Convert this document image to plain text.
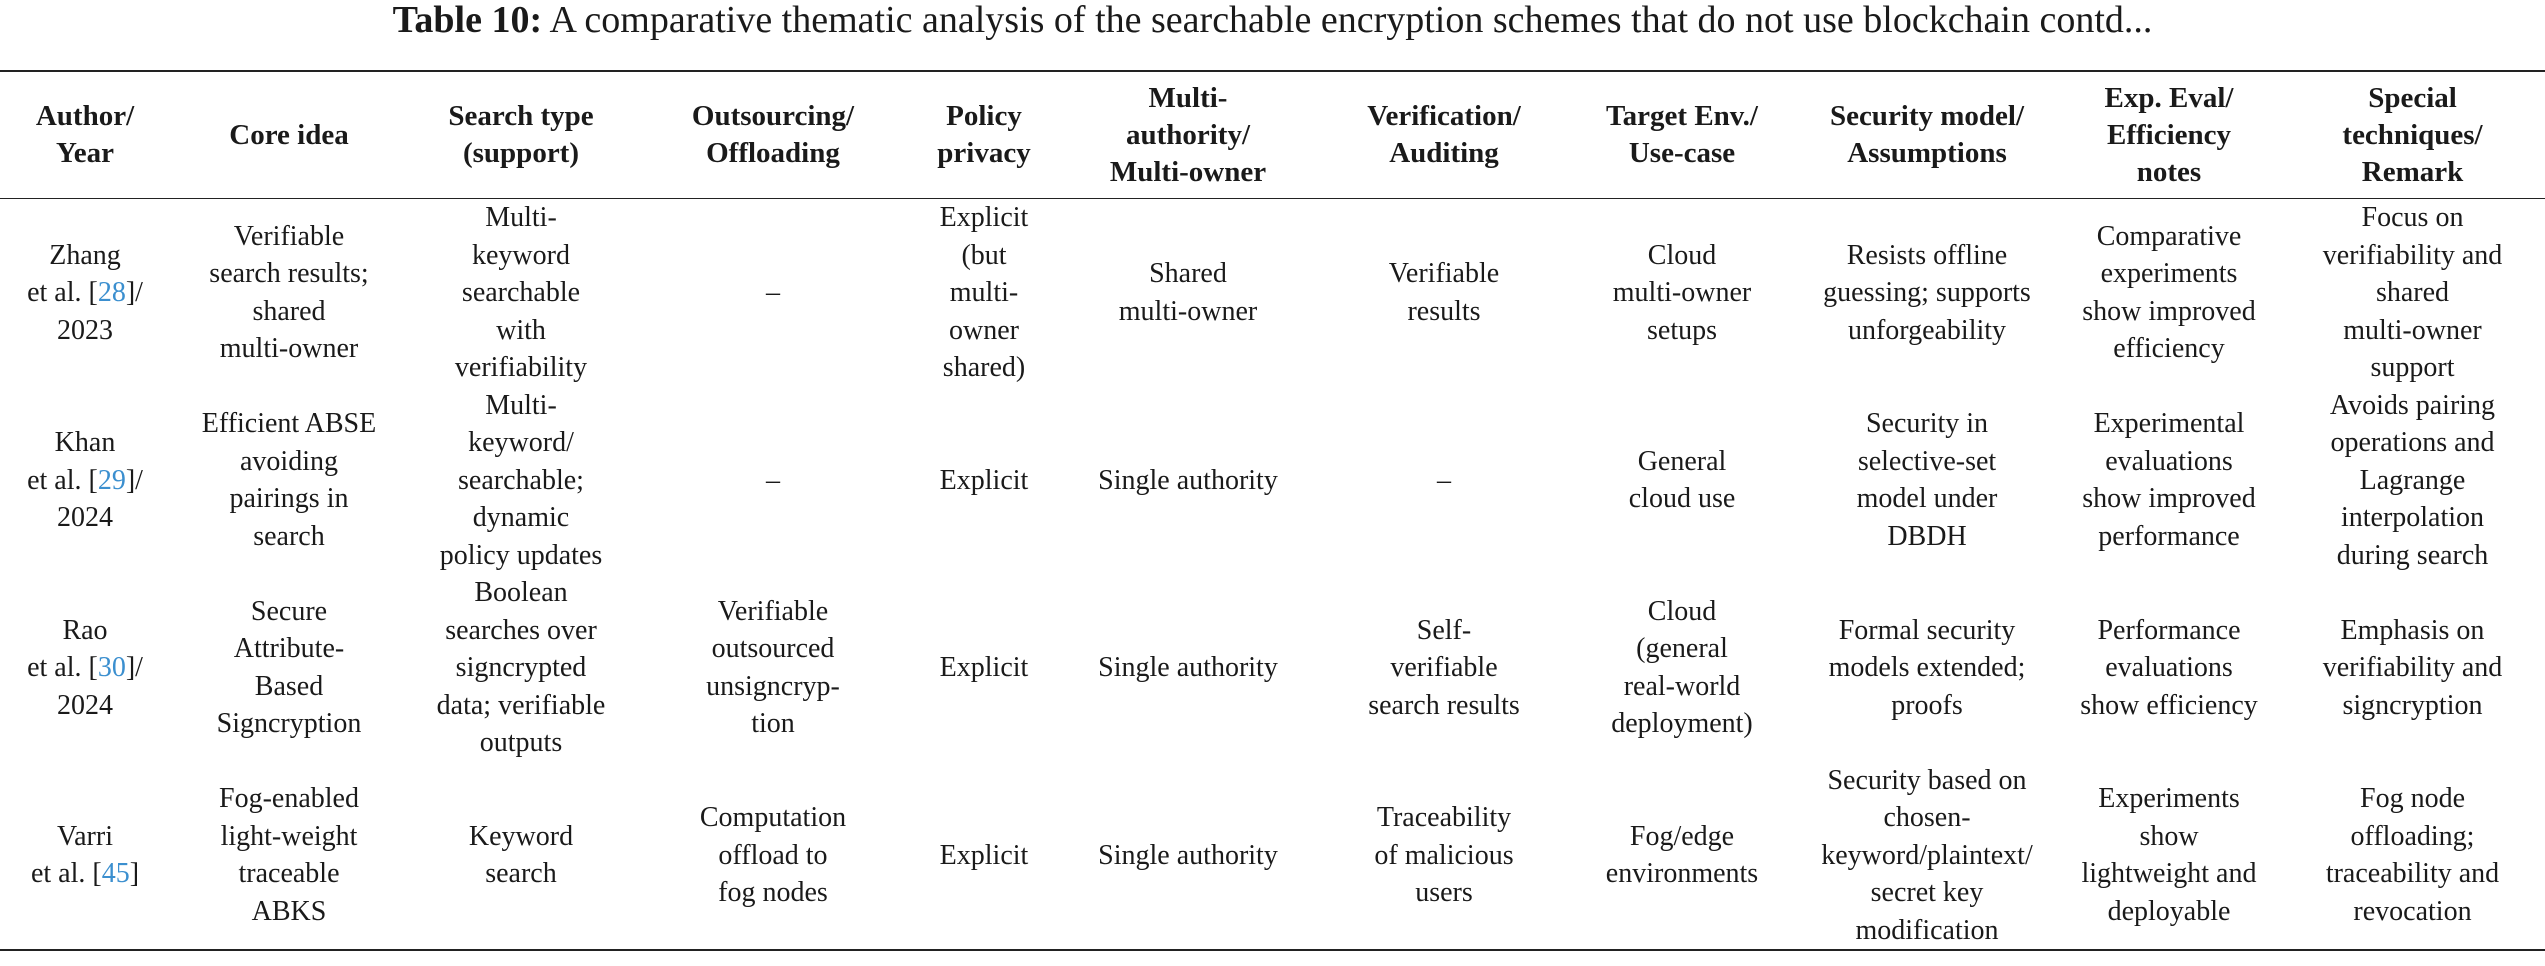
Table 10: A comparative thematic analysis of the searchable encryption schemes that do not use blockchain contd...
Author/
Year	Core idea	Search type
(support)	Outsourcing/
Offloading	Policy
privacy	Multi-
authority/
Multi-owner	Verification/
Auditing	Target Env./
Use-case	Security model/
Assumptions	Exp. Eval/
Efficiency
notes	Special
techniques/
Remark

Zhang
et al. [28]/
2023	Verifiable
search results;
shared
multi-owner	Multi-
keyword
searchable
with
verifiability	–	Explicit
(but
multi-
owner
shared)	Shared
multi-owner	Verifiable
results	Cloud
multi-owner
setups	Resists offline
guessing; supports
unforgeability	Comparative
experiments
show improved
efficiency	Focus on
verifiability and
shared
multi-owner
support

Khan
et al. [29]/
2024	Efficient ABSE
avoiding
pairings in
search	Multi-
keyword/
searchable;
dynamic
policy updates	–	Explicit	Single authority	–	General
cloud use	Security in
selective-set
model under
DBDH	Experimental
evaluations
show improved
performance	Avoids pairing
operations and
Lagrange
interpolation
during search

Rao
et al. [30]/
2024	Secure
Attribute-
Based
Signcryption	Boolean
searches over
signcrypted
data; verifiable
outputs	Verifiable
outsourced
unsigncryp-
tion	Explicit	Single authority	Self-
verifiable
search results	Cloud
(general
real-world
deployment)	Formal security
models extended;
proofs	Performance
evaluations
show efficiency	Emphasis on
verifiability and
signcryption

Varri
et al. [45]	Fog-enabled
light-weight
traceable
ABKS	Keyword
search	Computation
offload to
fog nodes	Explicit	Single authority	Traceability
of malicious
users	Fog/edge
environments	Security based on
chosen-
keyword/plaintext/
secret key
modification	Experiments
show
lightweight and
deployable	Fog node
offloading;
traceability and
revocation
